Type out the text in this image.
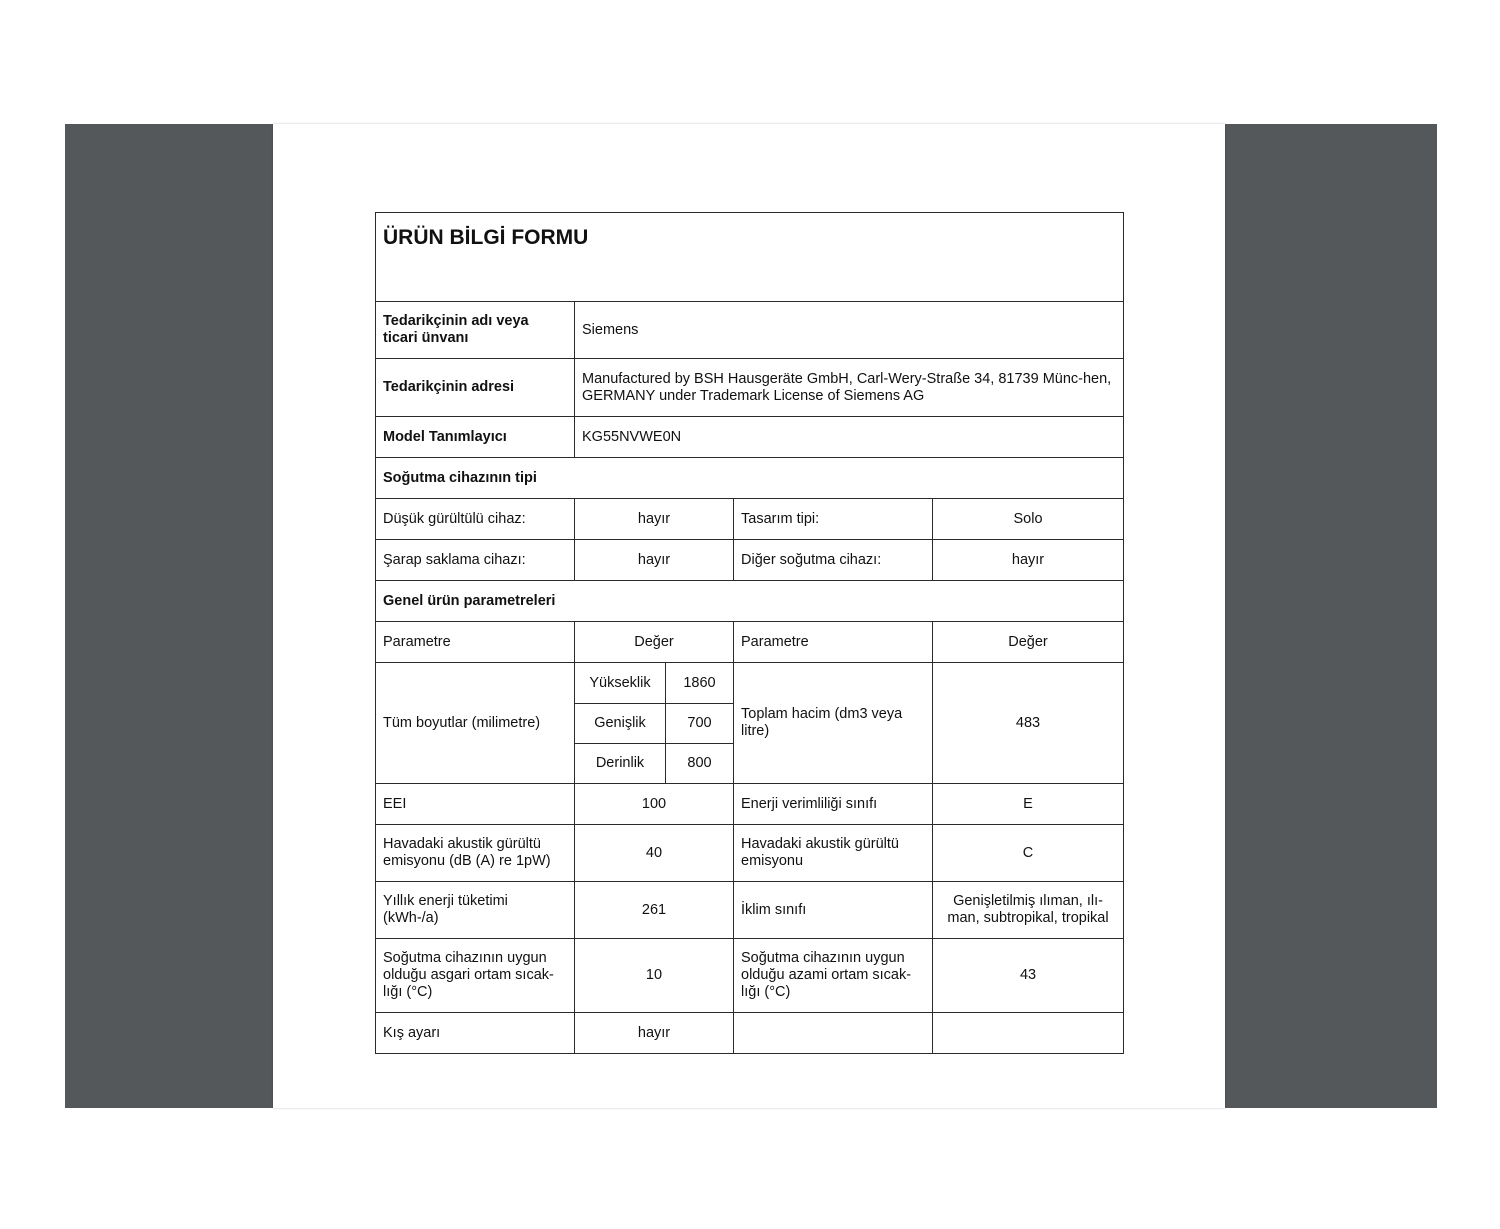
ÜRÜN BİLGİ FORMU				
Tedarikçinin adı veya ticari ünvanı	Siemens			
Tedarikçinin adresi	Manufactured by BSH Hausgeräte GmbH, Carl-Wery-Straße 34, 81739 Münc-hen, GERMANY under Trademark License of Siemens AG			
Model Tanımlayıcı	KG55NVWE0N			
Soğutma cihazının tipi				
Düşük gürültülü cihaz:	hayır		Tasarım tipi:	Solo
Şarap saklama cihazı:	hayır		Diğer soğutma cihazı:	hayır
Genel ürün parametreleri				
Parametre	Değer		Parametre	Değer
Tüm boyutlar (milimetre)	Yükseklik	1860	Toplam hacim (dm3 veya litre)	483
	Genişlik	700		
	Derinlik	800		
EEI	100		Enerji verimliliği sınıfı	E
Havadaki akustik gürültü emisyonu (dB (A) re 1pW)	40		Havadaki akustik gürültü emisyonu	C
Yıllık enerji tüketimi (kWh-/a)	261		İklim sınıfı	Genişletilmiş ılıman, ılı-man, subtropikal, tropikal
Soğutma cihazının uygun olduğu asgari ortam sıcak-lığı (°C)	10		Soğutma cihazının uygun olduğu azami ortam sıcak-lığı (°C)	43
Kış ayarı	hayır			
